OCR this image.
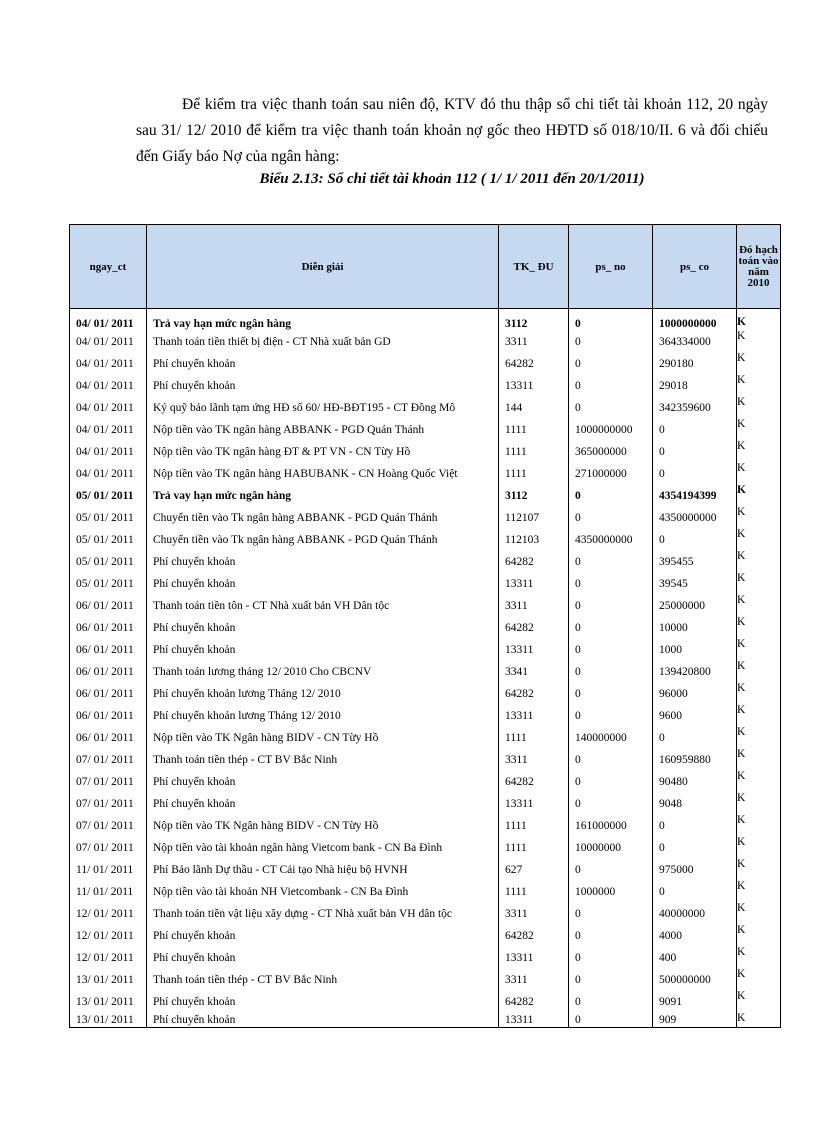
Để kiểm tra việc thanh toán sau niên độ, KTV đó thu thập sổ chi tiết tài khoản 112, 20 ngày sau 31/ 12/ 2010 để kiểm tra việc thanh toán khoản nợ gốc theo HĐTD số 018/10/II. 6 và đối chiếu đến Giấy báo Nợ của ngân hàng:

Biểu 2.13: Sổ chi tiết tài khoản 112 ( 1/ 1/ 2011 đến 20/1/2011)
ngay_ct	Diễn giải	TK_ ĐU	ps_ no	ps_ co	Đó hạch toán vào năm 2010
04/ 01/ 2011	Trả vay hạn mức ngân hàng	3112	0	1000000000	K
04/ 01/ 2011	Thanh toán tiền thiết bị điện - CT Nhà xuất bản GD	3311	0	364334000	K
04/ 01/ 2011	Phí chuyển khoản	64282	0	290180	K
04/ 01/ 2011	Phí chuyển khoản	13311	0	29018	K
04/ 01/ 2011	Ký quỹ bảo lãnh tạm ứng HĐ số 60/ HĐ-BĐT195 - CT Đồng Mô	144	0	342359600	K
04/ 01/ 2011	Nộp tiền vào TK ngân hàng ABBANK - PGD Quán Thánh	1111	1000000000	0	K
04/ 01/ 2011	Nộp tiền vào TK ngân hàng ĐT & PT VN - CN Từy Hồ	1111	365000000	0	K
04/ 01/ 2011	Nộp tiền vào TK ngân hàng HABUBANK - CN Hoàng Quốc Việt	1111	271000000	0	K
05/ 01/ 2011	Trả vay hạn mức ngân hàng	3112	0	4354194399	K
05/ 01/ 2011	Chuyển tiền vào Tk ngân hàng ABBANK - PGD Quán Thánh	112107	0	4350000000	K
05/ 01/ 2011	Chuyển tiền vào Tk ngân hàng ABBANK - PGD Quán Thánh	112103	4350000000	0	K
05/ 01/ 2011	Phí chuyển khoản	64282	0	395455	K
05/ 01/ 2011	Phí chuyển khoản	13311	0	39545	K
06/ 01/ 2011	Thanh toán tiền tôn - CT Nhà xuất bản VH Dân tộc	3311	0	25000000	K
06/ 01/ 2011	Phí chuyển khoản	64282	0	10000	K
06/ 01/ 2011	Phí chuyển khoản	13311	0	1000	K
06/ 01/ 2011	Thanh toán lương tháng 12/ 2010 Cho CBCNV	3341	0	139420800	K
06/ 01/ 2011	Phí chuyển khoản lương Tháng 12/ 2010	64282	0	96000	K
06/ 01/ 2011	Phí chuyển khoản lương Tháng 12/ 2010	13311	0	9600	K
06/ 01/ 2011	Nộp tiền vào TK Ngân hàng BIDV - CN Từy Hồ	1111	140000000	0	K
07/ 01/ 2011	Thanh toán tiền thép - CT BV Bắc Ninh	3311	0	160959880	K
07/ 01/ 2011	Phí chuyển khoản	64282	0	90480	K
07/ 01/ 2011	Phí chuyển khoản	13311	0	9048	K
07/ 01/ 2011	Nộp tiền vào TK Ngân hàng BIDV - CN Từy Hồ	1111	161000000	0	K
07/ 01/ 2011	Nộp tiền vào tài khoản ngân hàng Vietcom bank - CN Ba Đình	1111	10000000	0	K
11/ 01/ 2011	Phí Bảo lãnh Dự thầu - CT Cải tạo Nhà hiệu bộ HVNH	627	0	975000	K
11/ 01/ 2011	Nộp tiền vào tài khoản NH Vietcombank - CN Ba Đình	1111	1000000	0	K
12/ 01/ 2011	Thanh toán tiền vật liệu xây dựng - CT Nhà xuất bản VH dân tộc	3311	0	40000000	K
12/ 01/ 2011	Phí chuyển khoản	64282	0	4000	K
12/ 01/ 2011	Phí chuyển khoản	13311	0	400	K
13/ 01/ 2011	Thanh toán tiền thép - CT BV Bắc Ninh	3311	0	500000000	K
13/ 01/ 2011	Phí chuyển khoản	64282	0	9091	K
13/ 01/ 2011	Phí chuyển khoản	13311	0	909	K
